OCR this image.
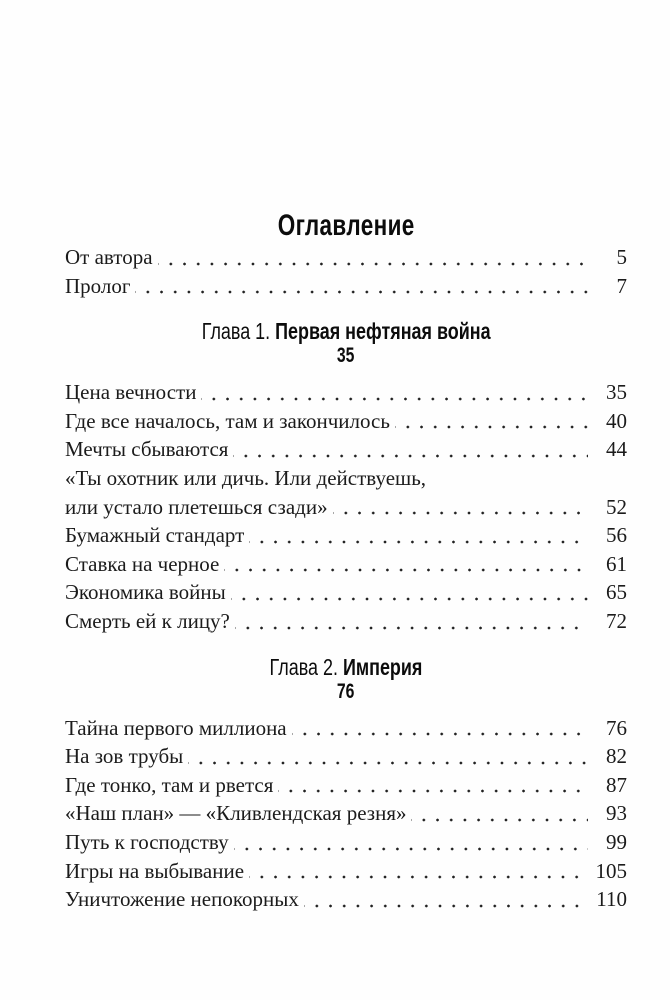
Оглавление
От автора	5
Пролог	7
Глава 1. Первая нефтяная война
35
Цена вечности	35
Где все началось, там и закончилось	40
Мечты сбываются	44
«Ты охотник или дичь. Или действуешь,
или устало плетешься сзади»	52
Бумажный стандарт	56
Ставка на черное	61
Экономика войны	65
Смерть ей к лицу?	72
Глава 2. Империя
76
Тайна первого миллиона	76
На зов трубы	82
Где тонко, там и рвется	87
«Наш план» — «Кливлендская резня»	93
Путь к господству	99
Игры на выбывание	105
Уничтожение непокорных	110
